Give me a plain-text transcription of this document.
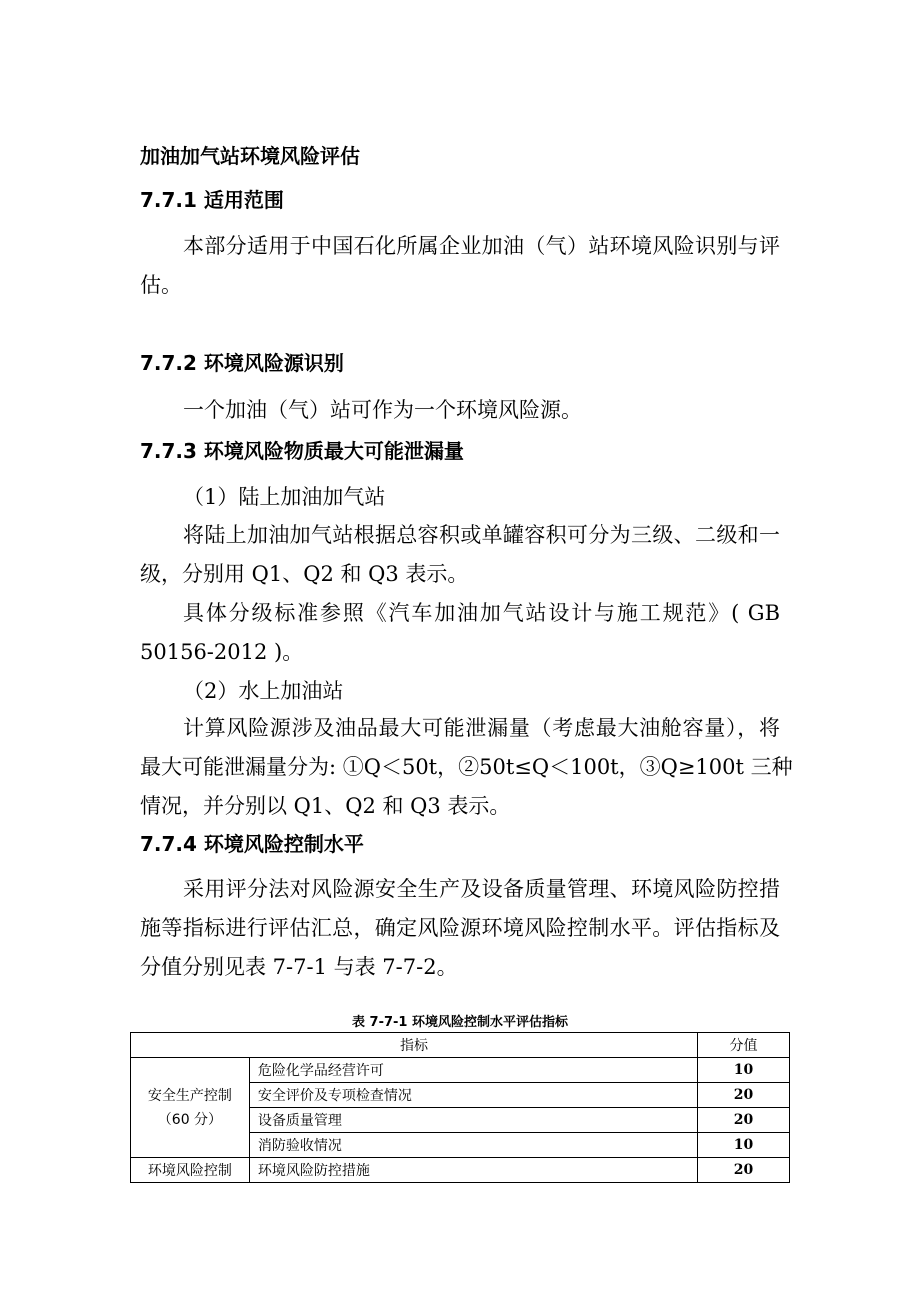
加油加气站环境风险评估
7.7.1 适用范围
本部分适用于中国石化所属企业加油（气）站环境风险识别与评
估。
7.7.2 环境风险源识别
一个加油（气）站可作为一个环境风险源。
7.7.3 环境风险物质最大可能泄漏量
（1）陆上加油加气站
将陆上加油加气站根据总容积或单罐容积可分为三级、二级和一
级，分别用 Q1、Q2 和 Q3 表示。
具体分级标准参照《汽车加油加气站设计与施工规范》( GB
50156-2012 )。
（2）水上加油站
计算风险源涉及油品最大可能泄漏量（考虑最大油舱容量），将
最大可能泄漏量分为: ①Q＜50t，②50t≤Q＜100t，③Q≥100t 三种
情况，并分别以 Q1、Q2 和 Q3 表示。
7.7.4 环境风险控制水平
采用评分法对风险源安全生产及设备质量管理、环境风险防控措
施等指标进行评估汇总，确定风险源环境风险控制水平。评估指标及
分值分别见表 7-7-1 与表 7-7-2。
表 7-7-1 环境风险控制水平评估指标
指标		分值

安全生产控制
（60 分）	危险化学品经营许可	10
	安全评价及专项检查情况	20
	设备质量管理	20
	消防验收情况	10
环境风险控制	环境风险防控措施	20
